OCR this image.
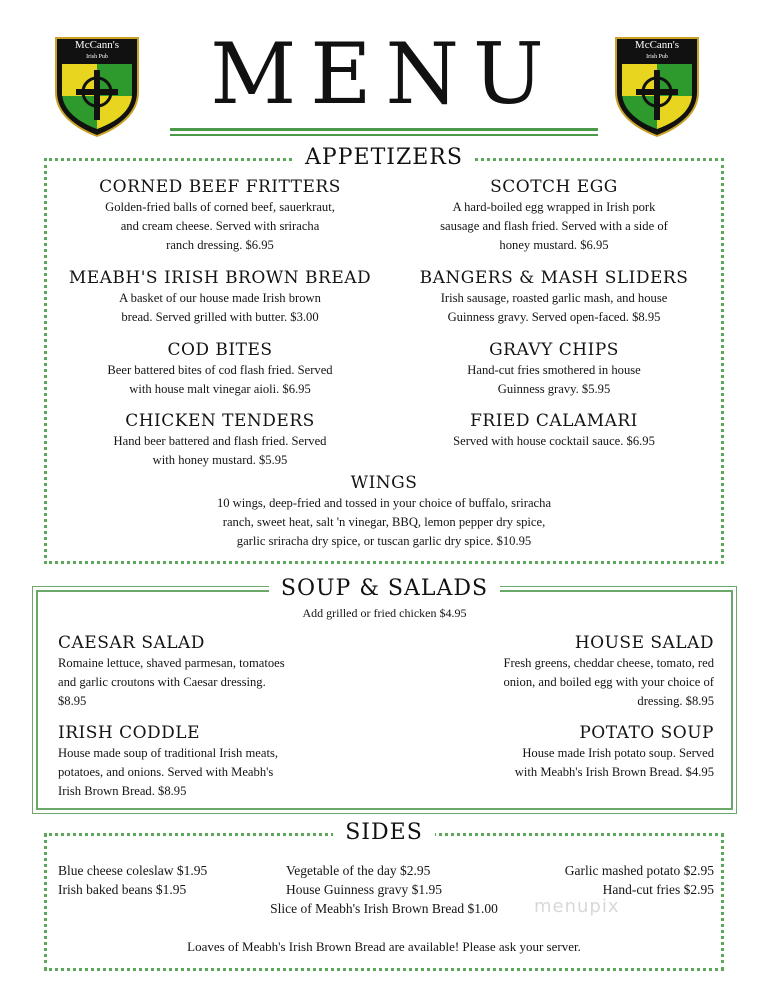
McCann's
Irish Pub
McCann's
Irish Pub
MENU
APPETIZERS
CORNED BEEF FRITTERS
Golden-fried balls of corned beef, sauerkraut,
and cream cheese. Served with sriracha
ranch dressing. $6.95
SCOTCH EGG
A hard-boiled egg wrapped in Irish pork
sausage and flash fried. Served with a side of
honey mustard. $6.95
MEABH'S IRISH BROWN BREAD
A basket of our house made Irish brown
bread. Served grilled with butter. $3.00
BANGERS & MASH SLIDERS
Irish sausage, roasted garlic mash, and house
Guinness gravy. Served open-faced. $8.95
COD BITES
Beer battered bites of cod flash fried. Served
with house malt vinegar aioli. $6.95
GRAVY CHIPS
Hand-cut fries smothered in house
Guinness gravy. $5.95
CHICKEN TENDERS
Hand beer battered and flash fried. Served
with honey mustard. $5.95
FRIED CALAMARI
Served with house cocktail sauce. $6.95
WINGS
10 wings, deep-fried and tossed in your choice of buffalo, sriracha
ranch, sweet heat, salt 'n vinegar, BBQ, lemon pepper dry spice,
garlic sriracha dry spice, or tuscan garlic dry spice. $10.95
SOUP & SALADS
Add grilled or fried chicken $4.95
CAESAR SALAD
Romaine lettuce, shaved parmesan, tomatoes
and garlic croutons with Caesar dressing.
$8.95
HOUSE SALAD
Fresh greens, cheddar cheese, tomato, red
onion, and boiled egg with your choice of
dressing. $8.95
IRISH CODDLE
House made soup of traditional Irish meats,
potatoes, and onions. Served with Meabh's
Irish Brown Bread. $8.95
POTATO SOUP
House made Irish potato soup. Served
with Meabh's Irish Brown Bread. $4.95
SIDES
Blue cheese coleslaw $1.95	Vegetable of the day $2.95	Garlic mashed potato $2.95
Irish baked beans $1.95	House Guinness gravy $1.95	Hand-cut fries $2.95
Slice of Meabh's Irish Brown Bread $1.00
Loaves of Meabh's Irish Brown Bread are available! Please ask your server.
menupix
